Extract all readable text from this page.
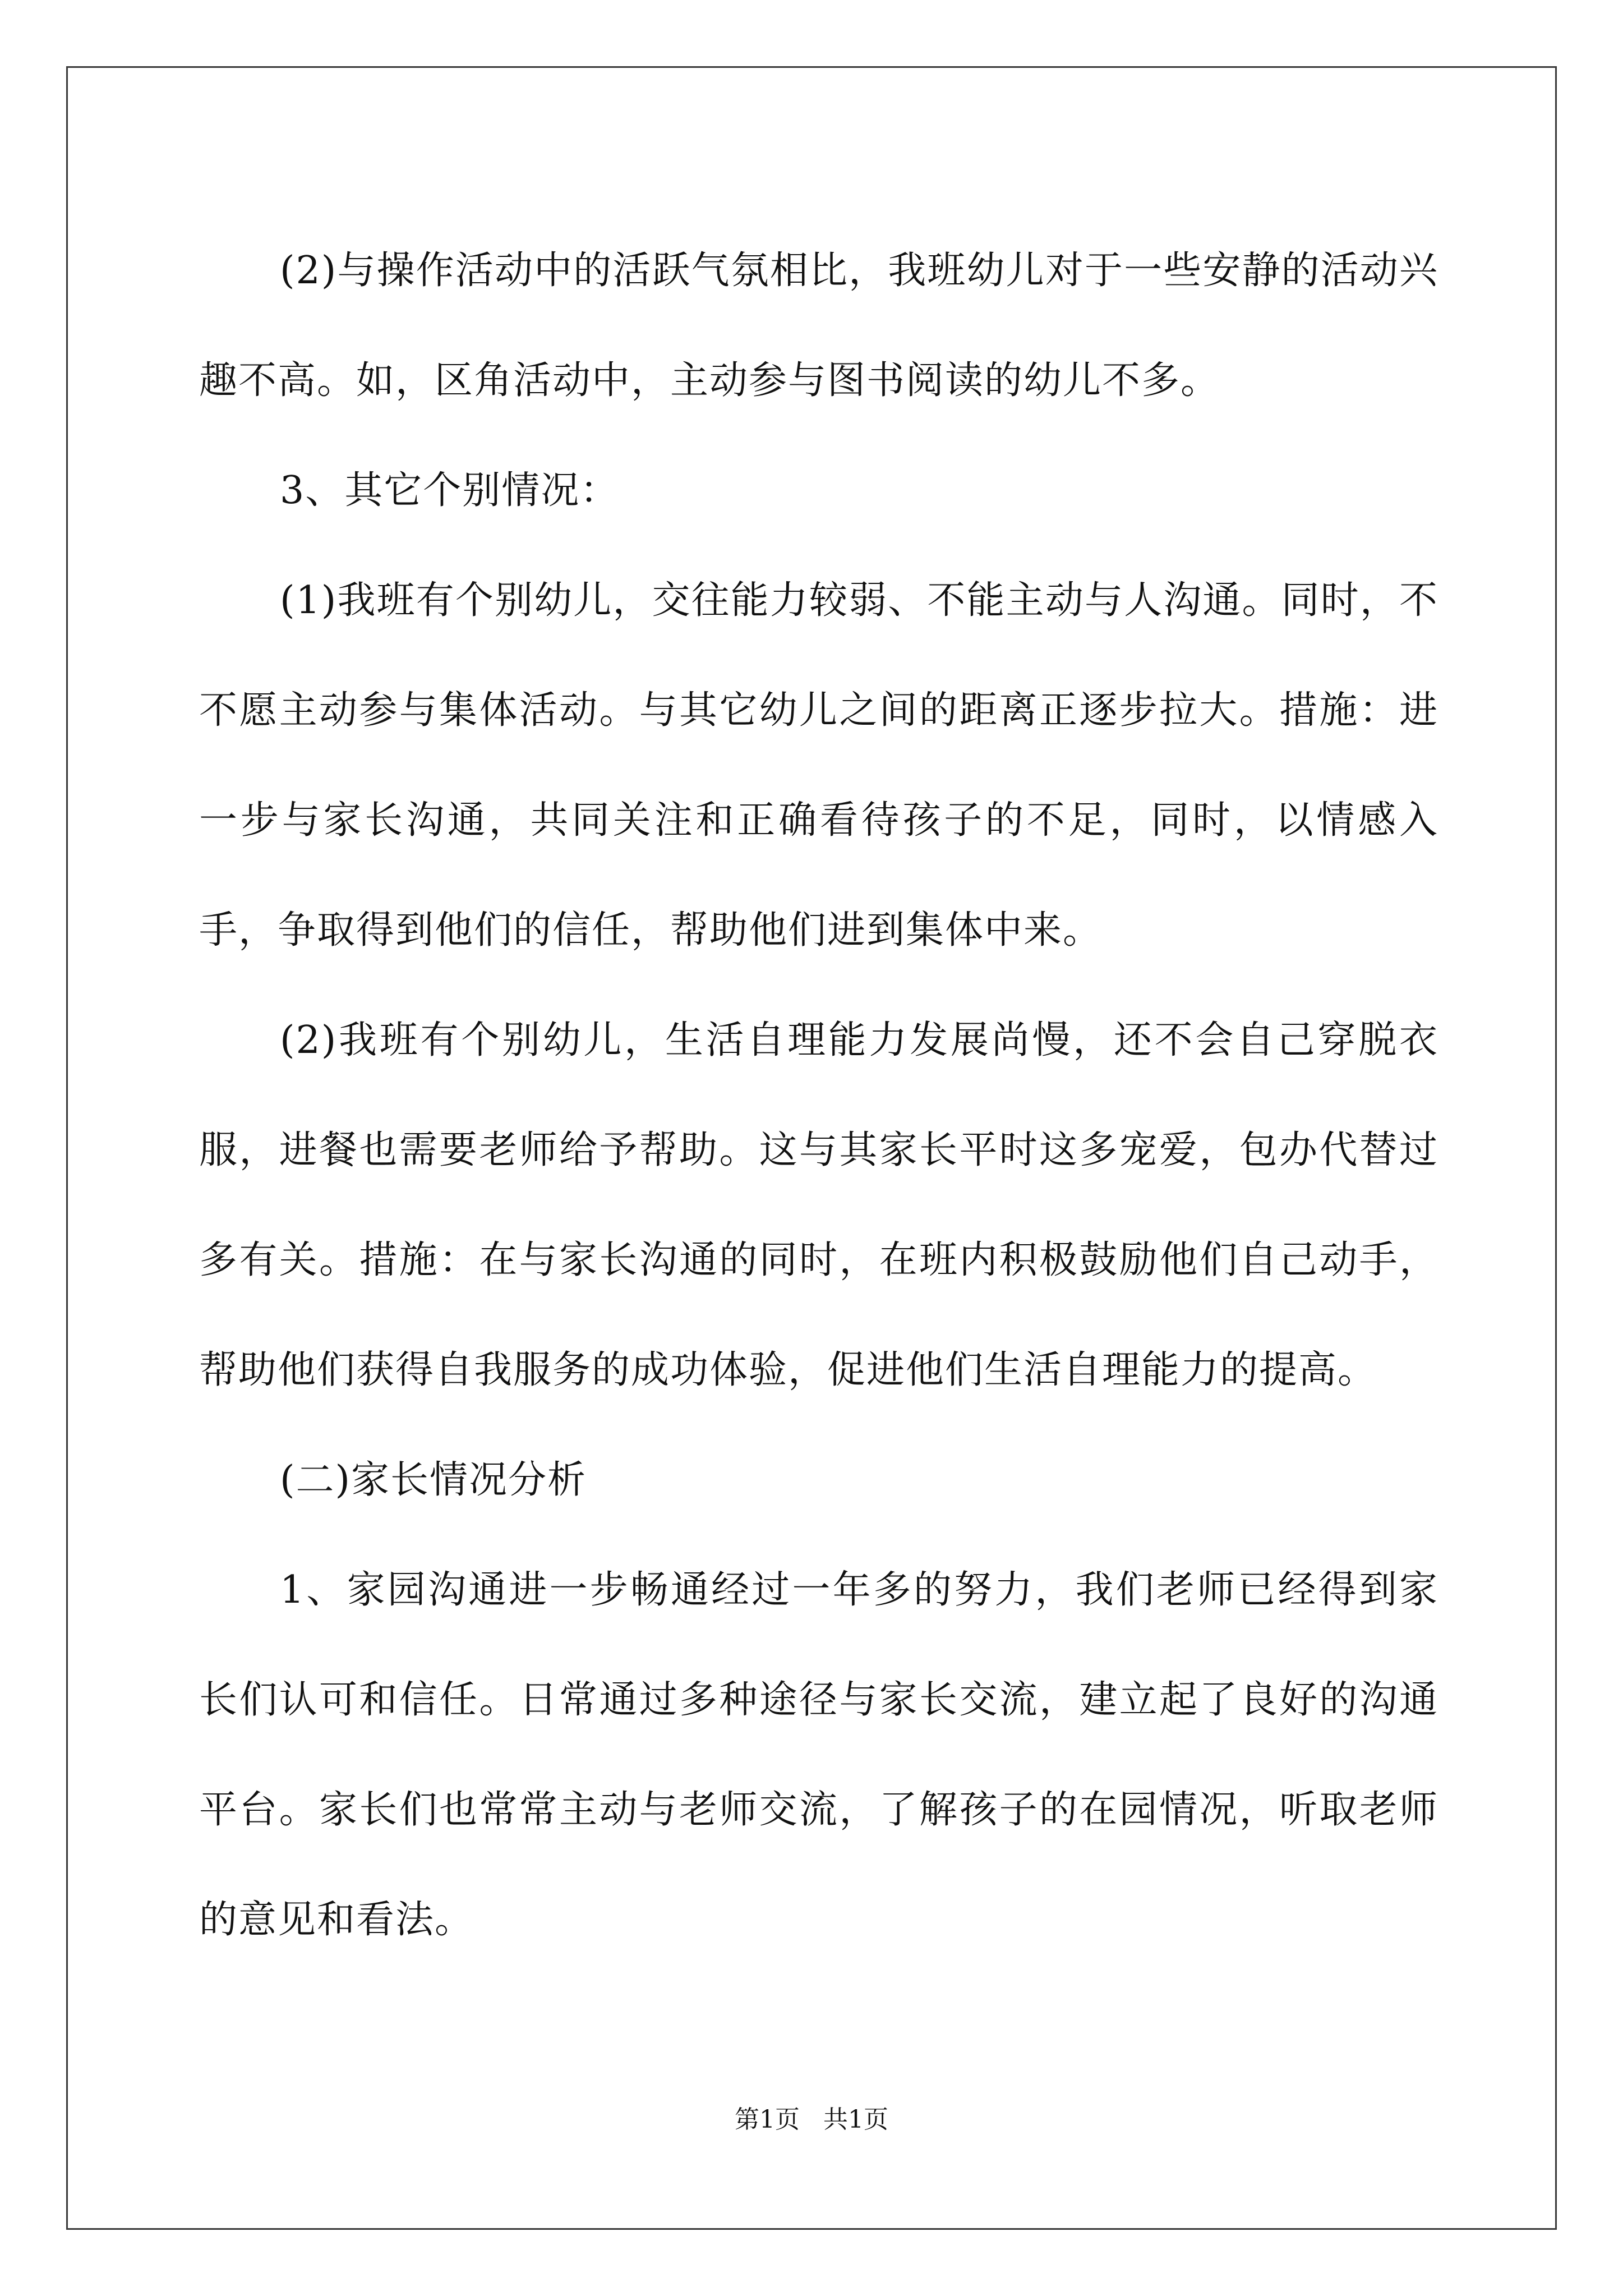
(2)与操作活动中的活跃气氛相比，我班幼儿对于一些安静的活动兴趣不高。如，区角活动中，主动参与图书阅读的幼儿不多。

3、其它个别情况：

(1)我班有个别幼儿，交往能力较弱、不能主动与人沟通。同时，不不愿主动参与集体活动。与其它幼儿之间的距离正逐步拉大。措施：进一步与家长沟通，共同关注和正确看待孩子的不足，同时，以情感入手，争取得到他们的信任，帮助他们进到集体中来。

(2)我班有个别幼儿，生活自理能力发展尚慢，还不会自己穿脱衣服，进餐也需要老师给予帮助。这与其家长平时这多宠爱，包办代替过多有关。措施：在与家长沟通的同时，在班内积极鼓励他们自己动手，帮助他们获得自我服务的成功体验，促进他们生活自理能力的提高。

(二)家长情况分析

1、家园沟通进一步畅通经过一年多的努力，我们老师已经得到家长们认可和信任。日常通过多种途径与家长交流，建立起了良好的沟通平台。家长们也常常主动与老师交流，了解孩子的在园情况，听取老师的意见和看法。

第1页   共1页
